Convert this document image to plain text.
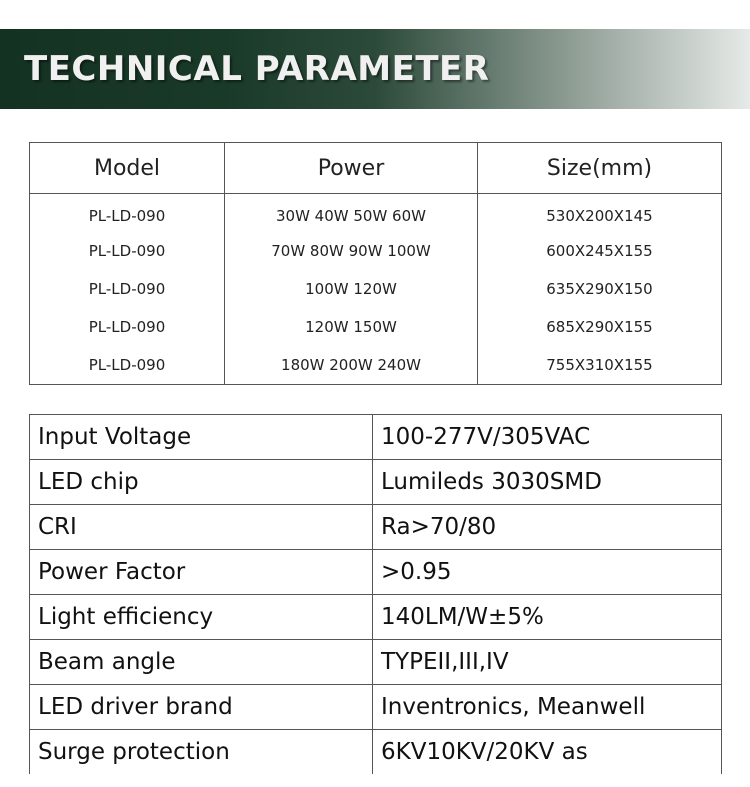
TECHNICAL PARAMETER
Model	Power	Size(mm)
PL-LD-090	30W 40W 50W 60W	530X200X145
PL-LD-090	70W 80W 90W 100W	600X245X155
PL-LD-090	100W 120W	635X290X150
PL-LD-090	120W 150W	685X290X155
PL-LD-090	180W 200W 240W	755X310X155
Input Voltage	100-277V/305VAC
LED chip	Lumileds 3030SMD
CRI	Ra>70/80
Power Factor	>0.95
Light efficiency	140LM/W±5%
Beam angle	TYPEII,III,IV
LED driver brand	Inventronics, Meanwell
Surge protection	6KV10KV/20KV as
